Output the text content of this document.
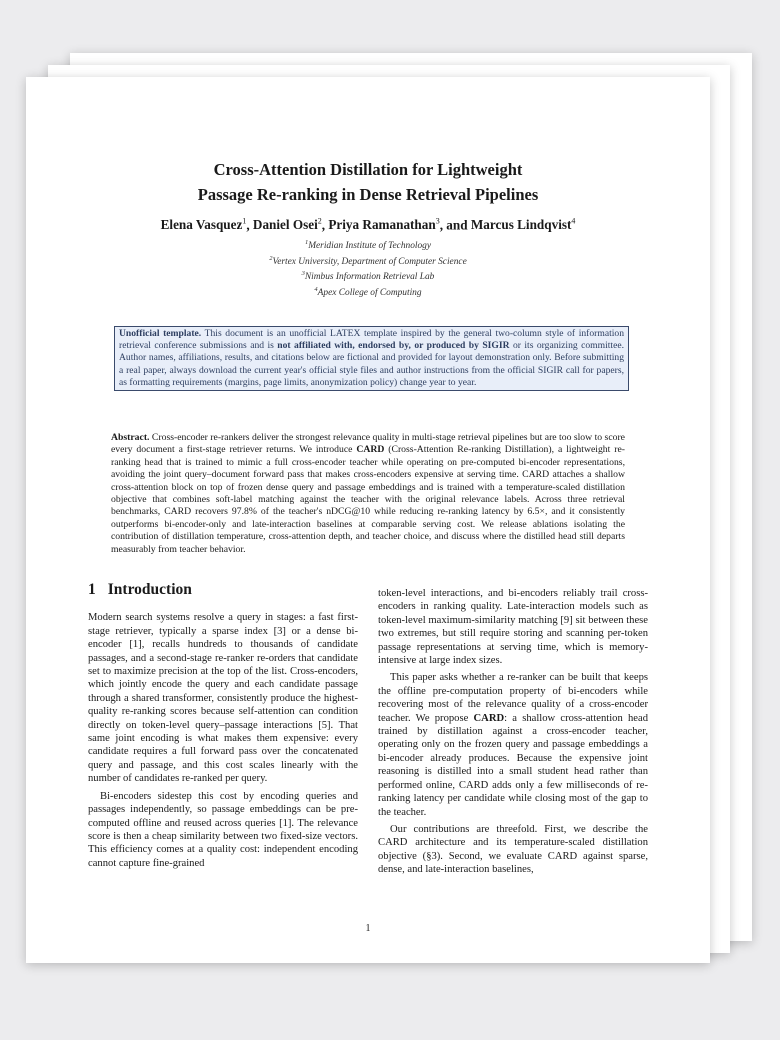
Cross-Attention Distillation for Lightweight
Passage Re-ranking in Dense Retrieval Pipelines
Elena Vasquez$^1$, Daniel Osei$^2$, Priya Ramanathan$^3$, and Marcus Lindqvist$^4$
$^1$Meridian Institute of Technology
$^2$Vertex University, Department of Computer Science
$^3$Nimbus Information Retrieval Lab
$^4$Apex College of Computing
Unofficial template. This document is an unofficial LATEX template inspired by the general two-column style of information retrieval conference submissions and is not affiliated with, endorsed by, or produced by SIGIR or its organizing committee. Author names, affiliations, results, and citations below are fictional and provided for layout demonstration only. Before submitting a real paper, always download the current year's official style files and author instructions from the official SIGIR call for papers, as formatting requirements (margins, page limits, anonymization policy) change year to year.
Abstract. Cross-encoder re-rankers deliver the strongest relevance quality in multi-stage retrieval pipelines but are too slow to score every document a first-stage retriever returns. We introduce CARD (Cross-Attention Re-ranking Distillation), a lightweight re-ranking head that is trained to mimic a full cross-encoder teacher while operating on pre-computed bi-encoder representations, avoiding the joint query–document forward pass that makes cross-encoders expensive at serving time. CARD attaches a shallow cross-attention block on top of frozen dense query and passage embeddings and is trained with a temperature-scaled distillation objective that combines soft-label matching against the teacher with the original relevance labels. Across three retrieval benchmarks, CARD recovers 97.8% of the teacher's nDCG@10 while reducing re-ranking latency by 6.5×, and it consistently outperforms bi-encoder-only and late-interaction baselines at comparable serving cost. We release ablations isolating the contribution of distillation temperature, cross-attention depth, and teacher choice, and discuss where the distilled head still departs measurably from teacher behavior.
1 Introduction

Modern search systems resolve a query in stages: a fast first-stage retriever, typically a sparse index [3] or a dense bi-encoder [1], recalls hundreds to thousands of candidate passages, and a second-stage re-ranker re-orders that candidate set to maximize precision at the top of the list. Cross-encoders, which jointly encode the query and each candidate passage through a shared transformer, consistently produce the highest-quality re-ranking scores because self-attention can condition directly on token-level query–passage interactions [5]. That same joint encoding is what makes them expensive: every candidate requires a full forward pass over the concatenated query and passage, and this cost scales linearly with the number of candidates re-ranked per query.

Bi-encoders sidestep this cost by encoding queries and passages independently, so passage embeddings can be pre-computed offline and reused across queries [1]. The relevance score is then a cheap similarity between two fixed-size vectors. This efficiency comes at a quality cost: independent encoding cannot capture fine-grained

token-level interactions, and bi-encoders reliably trail cross-encoders in ranking quality. Late-interaction models such as token-level maximum-similarity matching [9] sit between these two extremes, but still require storing and scanning per-token passage representations at serving time, which is memory-intensive at large index sizes.

This paper asks whether a re-ranker can be built that keeps the offline pre-computation property of bi-encoders while recovering most of the relevance quality of a cross-encoder teacher. We propose CARD: a shallow cross-attention head trained by distillation against a cross-encoder teacher, operating only on the frozen query and passage embeddings a bi-encoder already produces. Because the expensive joint reasoning is distilled into a small student head rather than performed online, CARD adds only a few milliseconds of re-ranking latency per candidate while closing most of the gap to the teacher.

Our contributions are threefold. First, we describe the CARD architecture and its temperature-scaled distillation objective (§3). Second, we evaluate CARD against sparse, dense, and late-interaction baselines,

1
